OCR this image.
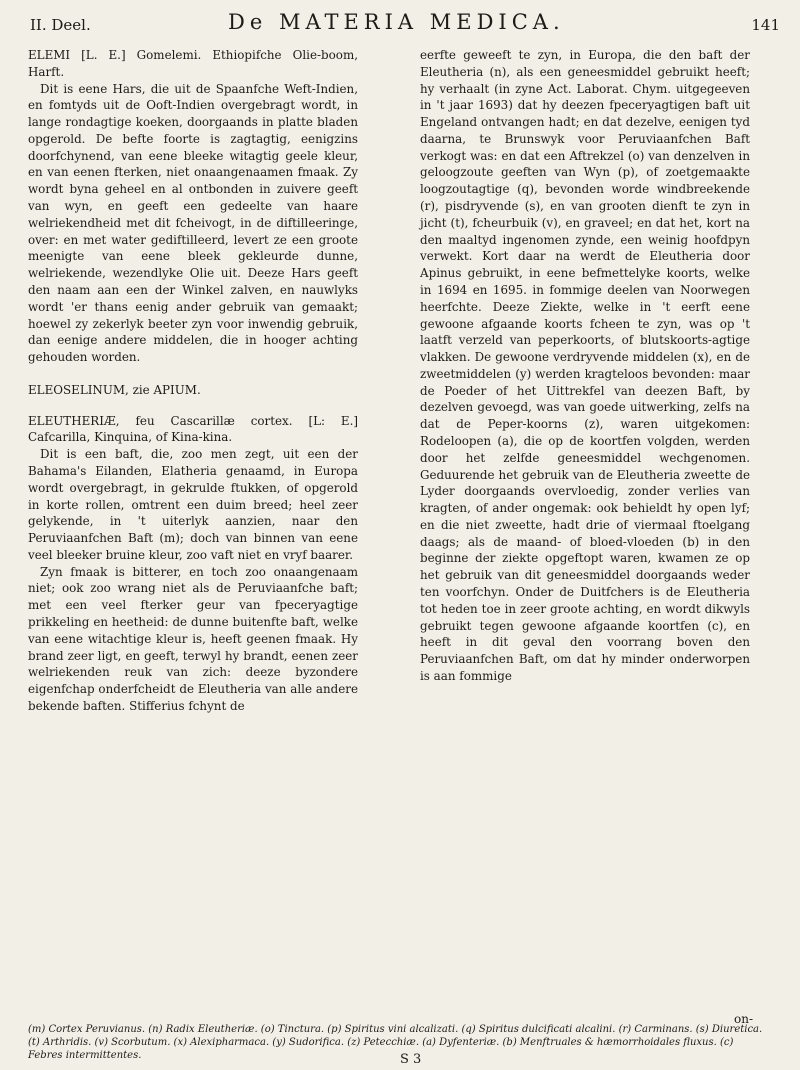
II. Deel.	De MATERIA MEDICA.	141

ELEMI [L. E.] Gomelemi. Ethiopifche Olie-boom, Harft.

Dit is eene Hars, die uit de Spaanfche Weft-Indien, en fomtyds uit de Ooft-Indien overgebragt wordt, in lange rondagtige koeken, doorgaands in platte bladen opgerold. De befte foorte is zagtagtig, eenigzins doorfchynend, van eene bleeke witagtig geele kleur, en van eenen fterken, niet onaangenaamen fmaak. Zy wordt byna geheel en al ontbonden in zuivere geeft van wyn, en geeft een gedeelte van haare welriekendheid met dit fcheivogt, in de diftilleeringe, over: en met water gediftilleerd, levert ze een groote meenigte van eene bleek gekleurde dunne, welriekende, wezendlyke Olie uit. Deeze Hars geeft den naam aan een der Winkel zalven, en nauwlyks wordt 'er thans eenig ander gebruik van gemaakt; hoewel zy zekerlyk beeter zyn voor inwendig gebruik, dan eenige andere middelen, die in hooger achting gehouden worden.

ELEOSELINUM, zie APIUM.

ELEUTHERIÆ, feu Cascarillæ cortex. [L: E.] Cafcarilla, Kinquina, of Kina-kina.

Dit is een baft, die, zoo men zegt, uit een der Bahama's Eilanden, Elatheria genaamd, in Europa wordt overgebragt, in gekrulde ftukken, of opgerold in korte rollen, omtrent een duim breed; heel zeer gelykende, in 't uiterlyk aanzien, naar den Peruviaanfchen Baft (m); doch van binnen van eene veel bleeker bruine kleur, zoo vaft niet en vryf baarer.

Zyn fmaak is bitterer, en toch zoo onaangenaam niet; ook zoo wrang niet als de Peruviaanfche baft; met een veel fterker geur van fpeceryagtige prikkeling en heetheid: de dunne buitenfte baft, welke van eene witachtige kleur is, heeft geenen fmaak. Hy brand zeer ligt, en geeft, terwyl hy brandt, eenen zeer welriekenden reuk van zich: deeze byzondere eigenfchap onderfcheidt de Eleutheria van alle andere bekende baften. Stifferius fchynt de

eerfte geweeft te zyn, in Europa, die den baft der Eleutheria (n), als een geneesmiddel gebruikt heeft; hy verhaalt (in zyne Act. Laborat. Chym. uitgegeeven in 't jaar 1693) dat hy deezen fpeceryagtigen baft uit Engeland ontvangen hadt; en dat dezelve, eenigen tyd daarna, te Brunswyk voor Peruviaanfchen Baft verkogt was: en dat een Aftrekzel (o) van denzelven in geloogzoute geeften van Wyn (p), of zoetgemaakte loogzoutagtige (q), bevonden worde windbreekende (r), pisdryvende (s), en van grooten dienft te zyn in jicht (t), fcheurbuik (v), en graveel; en dat het, kort na den maaltyd ingenomen zynde, een weinig hoofdpyn verwekt. Kort daar na werdt de Eleutheria door Apinus gebruikt, in eene befmettelyke koorts, welke in 1694 en 1695. in fommige deelen van Noorwegen heerfchte. Deeze Ziekte, welke in 't eerft eene gewoone afgaande koorts fcheen te zyn, was op 't laatft verzeld van peperkoorts, of blutskoorts-agtige vlakken. De gewoone verdryvende middelen (x), en de zweetmiddelen (y) werden kragteloos bevonden: maar de Poeder of het Uittrekfel van deezen Baft, by dezelven gevoegd, was van goede uitwerking, zelfs na dat de Peper-koorns (z), waren uitgekomen: Rodeloopen (a), die op de koortfen volgden, werden door het zelfde geneesmiddel wechgenomen. Geduurende het gebruik van de Eleutheria zweette de Lyder doorgaands overvloedig, zonder verlies van kragten, of ander ongemak: ook behieldt hy open lyf; en die niet zweette, hadt drie of viermaal ftoelgang daags; als de maand- of bloed-vloeden (b) in den beginne der ziekte opgeftopt waren, kwamen ze op het gebruik van dit geneesmiddel doorgaands weder ten voorfchyn. Onder de Duitfchers is de Eleutheria tot heden toe in zeer groote achting, en wordt dikwyls gebruikt tegen gewoone afgaande koortfen (c), en heeft in dit geval den voorrang boven den Peruviaanfchen Baft, om dat hy minder onderworpen is aan fommige

on-
(m) Cortex Peruvianus. (n) Radix Eleutheriæ. (o) Tinctura. (p) Spiritus vini alcalizati. (q) Spiritus dulcificati alcalini. (r) Carminans. (s) Diuretica. (t) Arthridis. (v) Scorbutum. (x) Alexipharmaca. (y) Sudorifica. (z) Petecchiæ. (a) Dyfenteriæ. (b) Menftruales & hæmorrhoidales fluxus. (c) Febres intermittentes.	S 3
